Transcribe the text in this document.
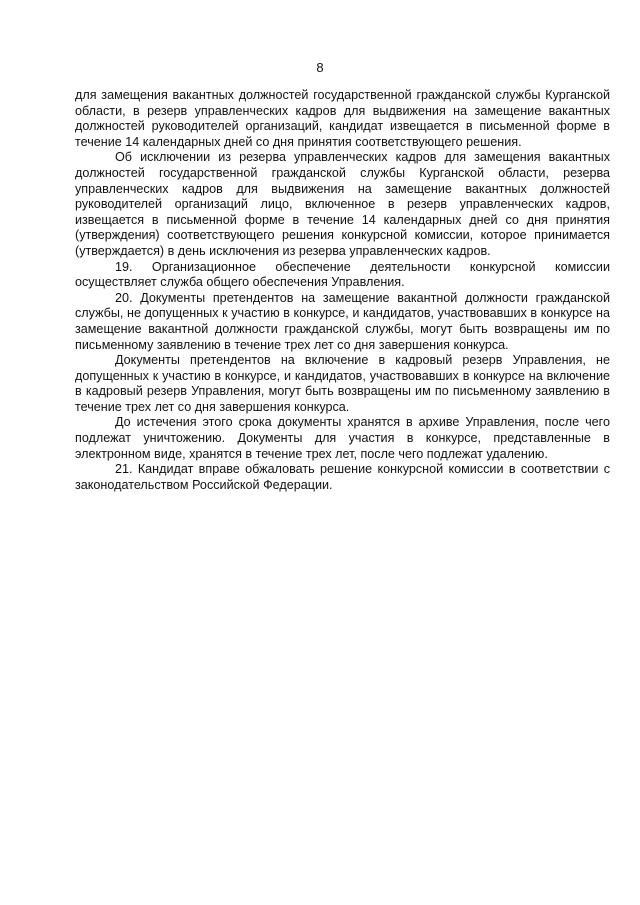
8

для замещения вакантных должностей государственной гражданской службы Курганской области, в резерв управленческих кадров для выдвижения на замещение вакантных должностей руководителей организаций, кандидат извещается в письменной форме в течение 14 календарных дней со дня принятия соответствующего решения.

Об исключении из резерва управленческих кадров для замещения вакантных должностей государственной гражданской службы Курганской области, резерва управленческих кадров для выдвижения на замещение вакантных должностей руководителей организаций лицо, включенное в резерв управленческих кадров, извещается в письменной форме в течение 14 календарных дней со дня принятия (утверждения) соответствующего решения конкурсной комиссии, которое принимается (утверждается) в день исключения из резерва управленческих кадров.

19. Организационное обеспечение деятельности конкурсной комиссии осуществляет служба общего обеспечения Управления.

20. Документы претендентов на замещение вакантной должности гражданской службы, не допущенных к участию в конкурсе, и кандидатов, участвовавших в конкурсе на замещение вакантной должности гражданской службы, могут быть возвращены им по письменному заявлению в течение трех лет со дня завершения конкурса.

Документы претендентов на включение в кадровый резерв Управления, не допущенных к участию в конкурсе, и кандидатов, участвовавших в конкурсе на включение в кадровый резерв Управления, могут быть возвращены им по письменному заявлению в течение трех лет со дня завершения конкурса.

До истечения этого срока документы хранятся в архиве Управления, после чего подлежат уничтожению. Документы для участия в конкурсе, представленные в электронном виде, хранятся в течение трех лет, после чего подлежат удалению.

21. Кандидат вправе обжаловать решение конкурсной комиссии в соответствии с законодательством Российской Федерации.
